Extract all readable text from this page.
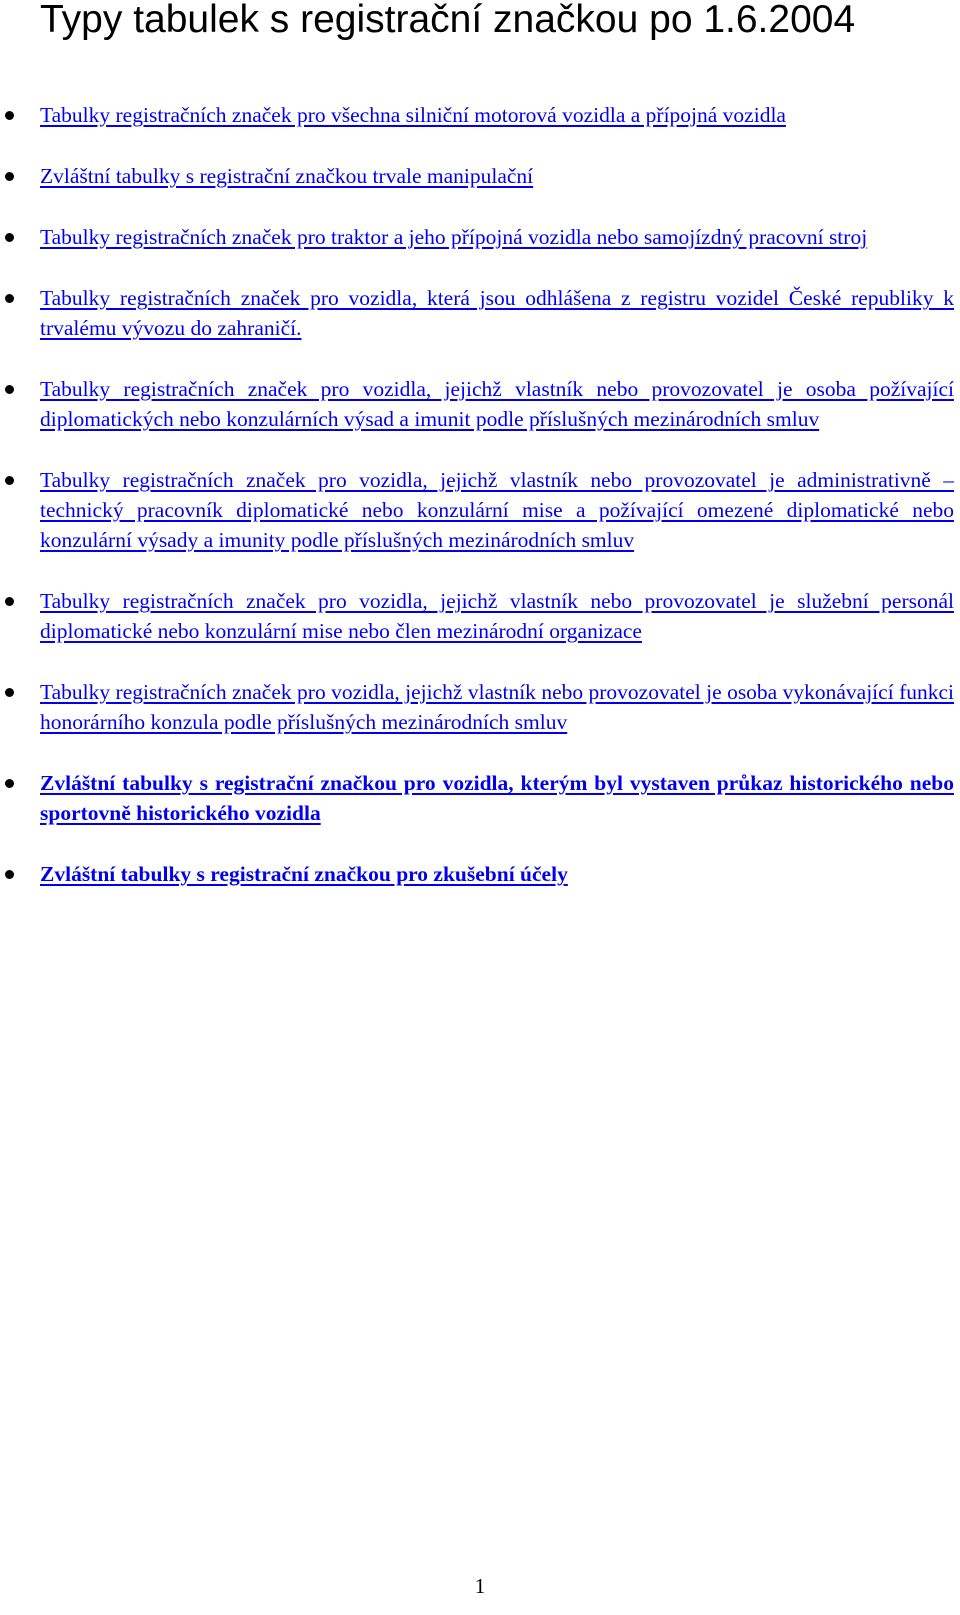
Typy tabulek s registrační značkou po 1.6.2004
Tabulky registračních značek pro všechna silniční motorová vozidla a přípojná vozidla
Zvláštní tabulky s registrační značkou trvale manipulační
Tabulky registračních značek pro traktor a jeho přípojná vozidla nebo samojízdný pracovní stroj
Tabulky registračních značek pro vozidla, která jsou odhlášena z registru vozidel České republiky k trvalému vývozu do zahraničí.
Tabulky registračních značek pro vozidla, jejichž vlastník nebo provozovatel je osoba požívající diplomatických nebo konzulárních výsad a imunit podle příslušných mezinárodních smluv
Tabulky registračních značek pro vozidla, jejichž vlastník nebo provozovatel je administrativně – technický pracovník diplomatické nebo konzulární mise a požívající omezené diplomatické nebo konzulární výsady a imunity podle příslušných mezinárodních smluv
Tabulky registračních značek pro vozidla, jejichž vlastník nebo provozovatel je služební personál diplomatické nebo konzulární mise nebo člen mezinárodní organizace
Tabulky registračních značek pro vozidla, jejichž vlastník nebo provozovatel je osoba vykonávající funkci honorárního konzula podle příslušných mezinárodních smluv
Zvláštní tabulky s registrační značkou pro vozidla, kterým byl vystaven průkaz historického nebo sportovně historického vozidla
Zvláštní tabulky s registrační značkou pro zkušební účely
1
